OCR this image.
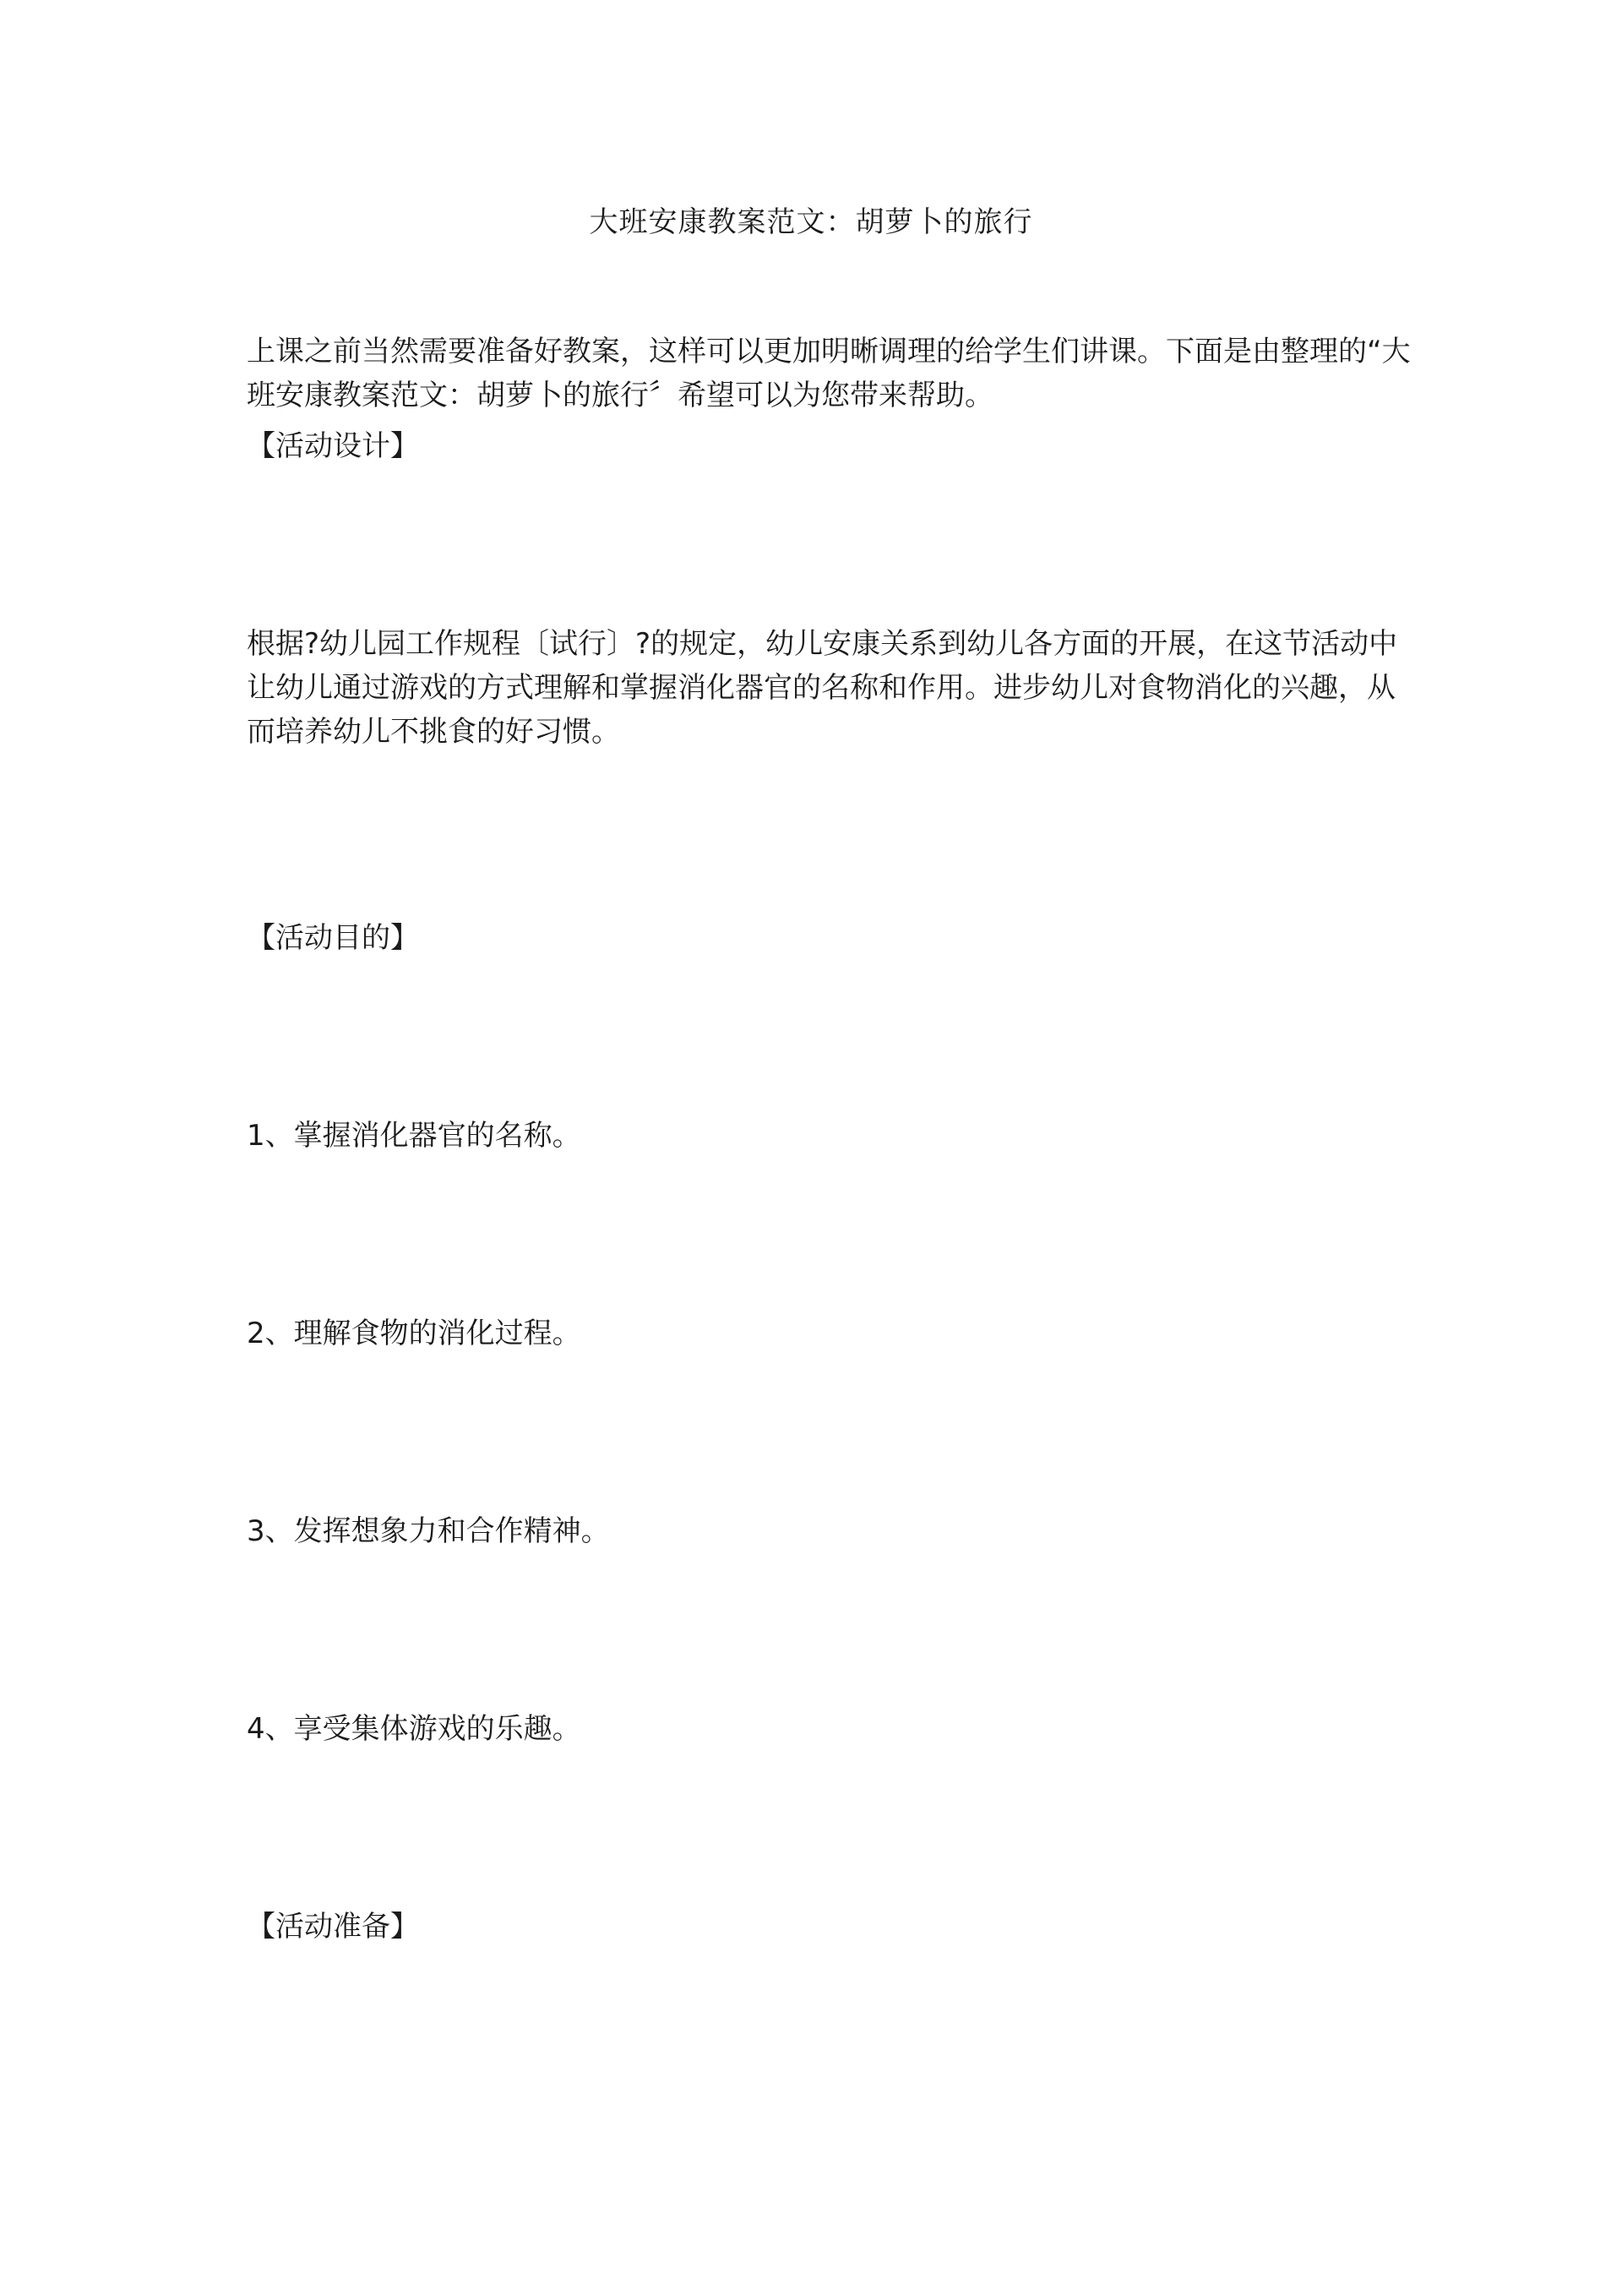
大班安康教案范文：胡萝卜的旅行
上课之前当然需要准备好教案，这样可以更加明晰调理的给学生们讲课。下面是由整理的“大
班安康教案范文：胡萝卜的旅行〞希望可以为您带来帮助。
【活动设计】
根据?幼儿园工作规程〔试行〕?的规定，幼儿安康关系到幼儿各方面的开展，在这节活动中
让幼儿通过游戏的方式理解和掌握消化器官的名称和作用。进步幼儿对食物消化的兴趣，从
而培养幼儿不挑食的好习惯。
【活动目的】
1、掌握消化器官的名称。
2、理解食物的消化过程。
3、发挥想象力和合作精神。
4、享受集体游戏的乐趣。
【活动准备】
